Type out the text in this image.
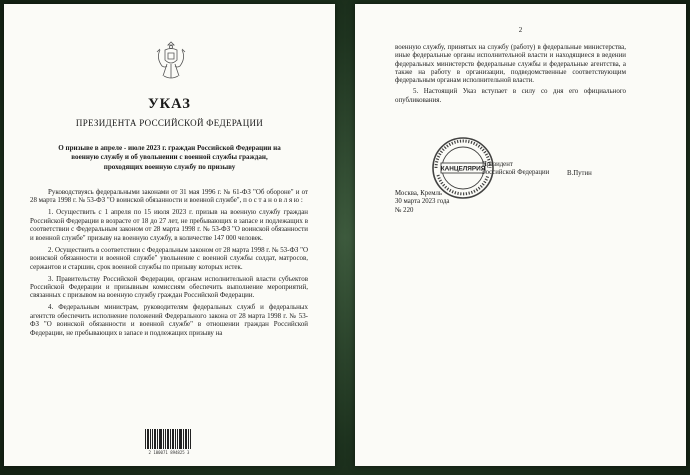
УКАЗ
ПРЕЗИДЕНТА РОССИЙСКОЙ ФЕДЕРАЦИИ
О призыве в апреле - июле 2023 г. граждан Российской Федерации на военную службу и об увольнении с военной службы граждан, проходящих военную службу по призыву

Руководствуясь федеральными законами от 31 мая 1996 г. № 61-ФЗ "Об обороне" и от 28 марта 1998 г. № 53-ФЗ "О воинской обязанности и военной службе", п о с т а н о в л я ю :

1. Осуществить с 1 апреля по 15 июля 2023 г. призыв на военную службу граждан Российской Федерации в возрасте от 18 до 27 лет, не пребывающих в запасе и подлежащих в соответствии с Федеральным законом от 28 марта 1998 г. № 53-ФЗ "О воинской обязанности и военной службе" призыву на военную службу, в количестве 147 000 человек.

2. Осуществить в соответствии с Федеральным законом от 28 марта 1998 г. № 53-ФЗ "О воинской обязанности и военной службе" увольнение с военной службы солдат, матросов, сержантов и старшин, срок военной службы по призыву которых истек.

3. Правительству Российской Федерации, органам исполнительной власти субъектов Российской Федерации и призывным комиссиям обеспечить выполнение мероприятий, связанных с призывом на военную службу граждан Российской Федерации.

4. Федеральным министрам, руководителям федеральных служб и федеральных агентств обеспечить исполнение положений Федерального закона от 28 марта 1998 г. № 53-ФЗ "О воинской обязанности и военной службе" в отношении граждан Российской Федерации, не пребывающих в запасе и подлежащих призыву на

2 100071 894825 3
2

военную службу, принятых на службу (работу) в федеральные министерства, иные федеральные органы исполнительной власти и находящиеся в ведении федеральных министерств федеральные службы и федеральные агентства, а также на работу в организации, подведомственные соответствующим федеральным органам исполнительной власти.

5. Настоящий Указ вступает в силу со дня его официального опубликования.

КАНЦЕЛЯРИЯ
Президент
Российской Федерации	В.Путин
Москва, Кремль
30 марта 2023 года
№ 220
